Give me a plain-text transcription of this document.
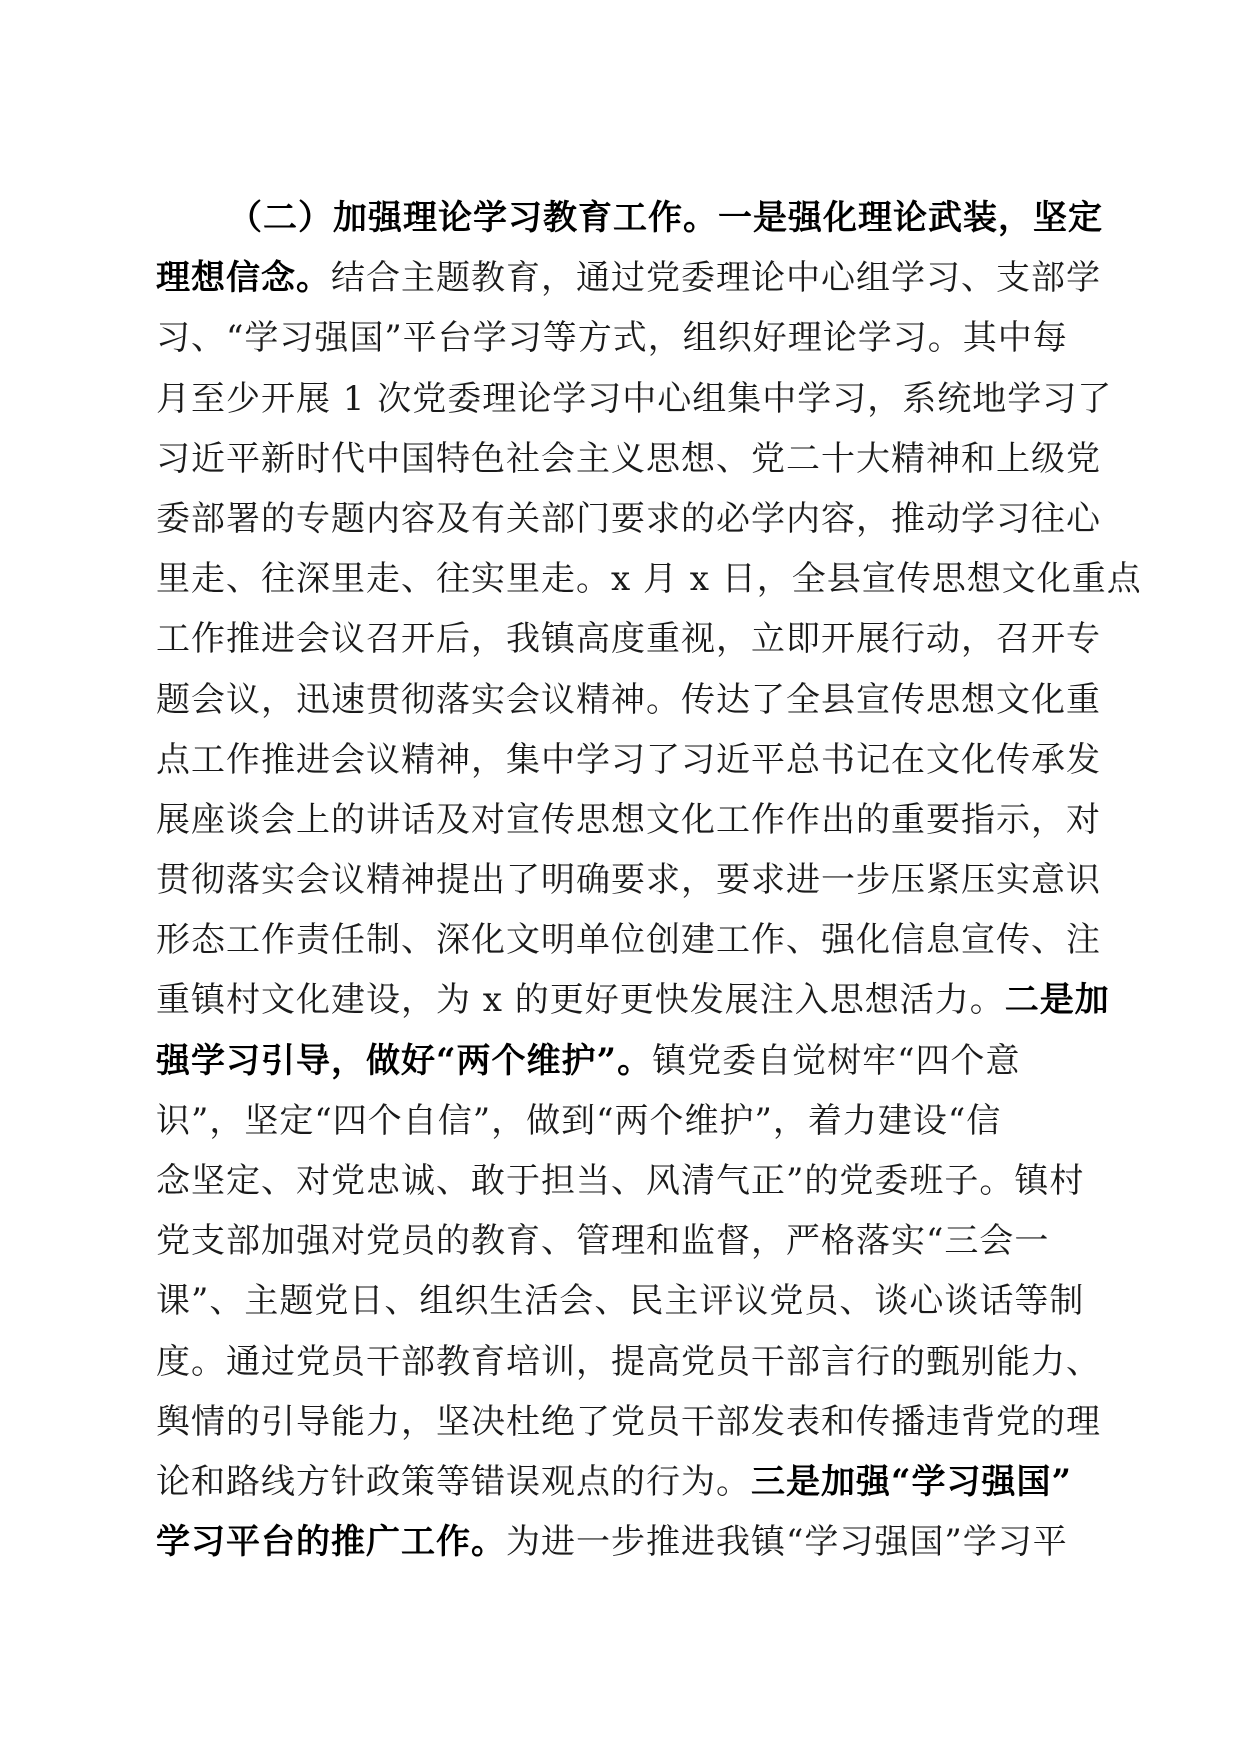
（二）加强理论学习教育工作。一是强化理论武装，坚定
理想信念。结合主题教育，通过党委理论中心组学习、支部学
习、“学习强国”平台学习等方式，组织好理论学习。其中每
月至少开展 1 次党委理论学习中心组集中学习，系统地学习了
习近平新时代中国特色社会主义思想、党二十大精神和上级党
委部署的专题内容及有关部门要求的必学内容，推动学习往心
里走、往深里走、往实里走。x 月 x 日，全县宣传思想文化重点
工作推进会议召开后，我镇高度重视，立即开展行动，召开专
题会议，迅速贯彻落实会议精神。传达了全县宣传思想文化重
点工作推进会议精神，集中学习了习近平总书记在文化传承发
展座谈会上的讲话及对宣传思想文化工作作出的重要指示，对
贯彻落实会议精神提出了明确要求，要求进一步压紧压实意识
形态工作责任制、深化文明单位创建工作、强化信息宣传、注
重镇村文化建设，为 x 的更好更快发展注入思想活力。二是加
强学习引导，做好“两个维护”。镇党委自觉树牢“四个意
识”，坚定“四个自信”，做到“两个维护”，着力建设“信
念坚定、对党忠诚、敢于担当、风清气正”的党委班子。镇村
党支部加强对党员的教育、管理和监督，严格落实“三会一
课”、主题党日、组织生活会、民主评议党员、谈心谈话等制
度。通过党员干部教育培训，提高党员干部言行的甄别能力、
舆情的引导能力，坚决杜绝了党员干部发表和传播违背党的理
论和路线方针政策等错误观点的行为。三是加强“学习强国”
学习平台的推广工作。为进一步推进我镇“学习强国”学习平
